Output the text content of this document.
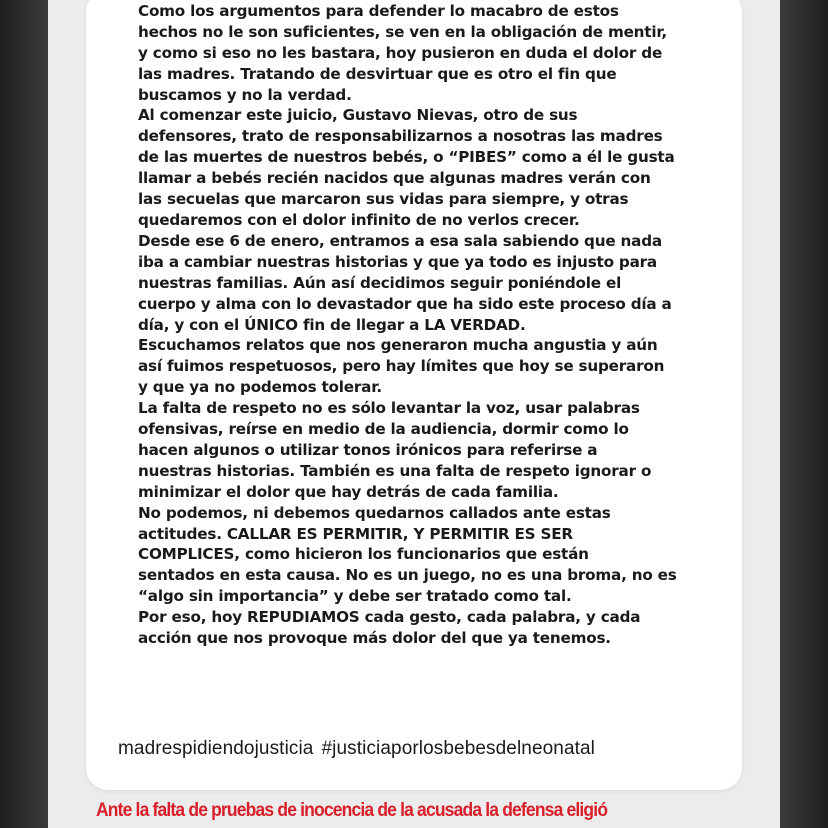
Como los argumentos para defender lo macabro de estos
hechos no le son suficientes, se ven en la obligación de mentir,
y como si eso no les bastara, hoy pusieron en duda el dolor de
las madres. Tratando de desvirtuar que es otro el fin que
buscamos y no la verdad.
Al comenzar este juicio, Gustavo Nievas, otro de sus
defensores, trato de responsabilizarnos a nosotras las madres
de las muertes de nuestros bebés, o “PIBES” como a él le gusta
llamar a bebés recién nacidos que algunas madres verán con
las secuelas que marcaron sus vidas para siempre, y otras
quedaremos con el dolor infinito de no verlos crecer.
Desde ese 6 de enero, entramos a esa sala sabiendo que nada
iba a cambiar nuestras historias y que ya todo es injusto para
nuestras familias. Aún así decidimos seguir poniéndole el
cuerpo y alma con lo devastador que ha sido este proceso día a
día, y con el ÚNICO fin de llegar a LA VERDAD.
Escuchamos relatos que nos generaron mucha angustia y aún
así fuimos respetuosos, pero hay límites que hoy se superaron
y que ya no podemos tolerar.
La falta de respeto no es sólo levantar la voz, usar palabras
ofensivas, reírse en medio de la audiencia, dormir como lo
hacen algunos o utilizar tonos irónicos para referirse a
nuestras historias. También es una falta de respeto ignorar o
minimizar el dolor que hay detrás de cada familia.
No podemos, ni debemos quedarnos callados ante estas
actitudes. CALLAR ES PERMITIR, Y PERMITIR ES SER
COMPLICES, como hicieron los funcionarios que están
sentados en esta causa. No es un juego, no es una broma, no es
“algo sin importancia” y debe ser tratado como tal.
Por eso, hoy REPUDIAMOS cada gesto, cada palabra, y cada
acción que nos provoque más dolor del que ya tenemos.
madrespidiendojusticia #justiciaporlosbebesdelneonatal
Ante la falta de pruebas de inocencia de la acusada la defensa eligió
